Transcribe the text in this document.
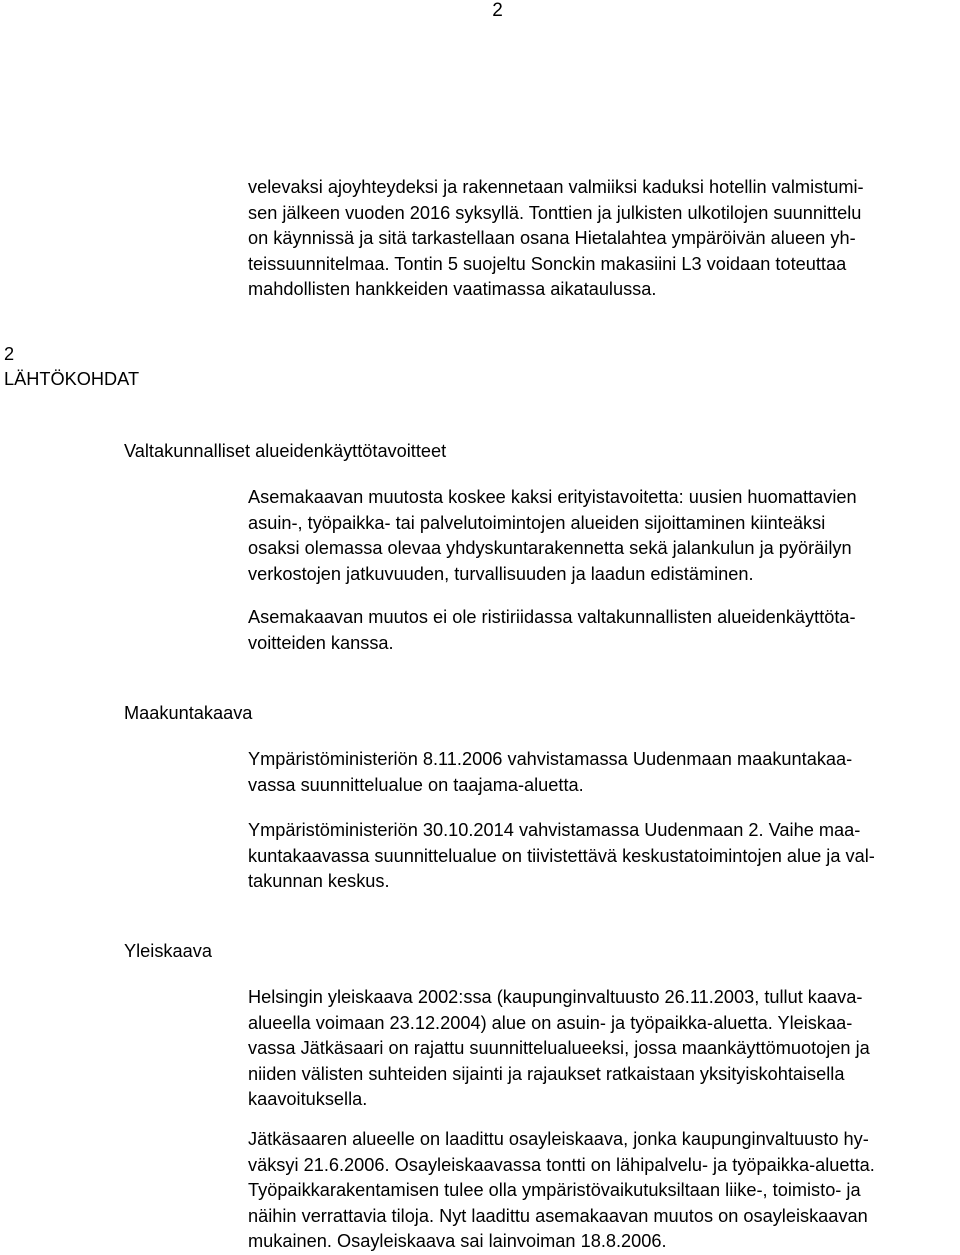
2

velevaksi ajoyhteydeksi ja rakennetaan valmiiksi kaduksi hotellin valmistumi-
sen jälkeen vuoden 2016 syksyllä. Tonttien ja julkisten ulkotilojen suunnittelu
on käynnissä ja sitä tarkastellaan osana Hietalahtea ympäröivän alueen yh-
teissuunnitelmaa. Tontin 5 suojeltu Sonckin makasiini L3 voidaan toteuttaa
mahdollisten hankkeiden vaatimassa aikataulussa.

2
LÄHTÖKOHDAT
Valtakunnalliset alueidenkäyttötavoitteet

Asemakaavan muutosta koskee kaksi erityistavoitetta: uusien huomattavien
asuin-, työpaikka- tai palvelutoimintojen alueiden sijoittaminen kiinteäksi
osaksi olemassa olevaa yhdyskuntarakennetta sekä jalankulun ja pyöräilyn
verkostojen jatkuvuuden, turvallisuuden ja laadun edistäminen.

Asemakaavan muutos ei ole ristiriidassa valtakunnallisten alueidenkäyttöta-
voitteiden kanssa.

Maakuntakaava

Ympäristöministeriön 8.11.2006 vahvistamassa Uudenmaan maakuntakaa-
vassa suunnittelualue on taajama-aluetta.

Ympäristöministeriön 30.10.2014 vahvistamassa Uudenmaan 2. Vaihe maa-
kuntakaavassa suunnittelualue on tiivistettävä keskustatoimintojen alue ja val-
takunnan keskus.

Yleiskaava

Helsingin yleiskaava 2002:ssa (kaupunginvaltuusto 26.11.2003, tullut kaava-
alueella voimaan 23.12.2004) alue on asuin- ja työpaikka-aluetta. Yleiskaa-
vassa Jätkäsaari on rajattu suunnittelualueeksi, jossa maankäyttömuotojen ja
niiden välisten suhteiden sijainti ja rajaukset ratkaistaan yksityiskohtaisella
kaavoituksella.

Jätkäsaaren alueelle on laadittu osayleiskaava, jonka kaupunginvaltuusto hy-
väksyi 21.6.2006. Osayleiskaavassa tontti on lähipalvelu- ja työpaikka-aluetta.
Työpaikkarakentamisen tulee olla ympäristövaikutuksiltaan liike-, toimisto- ja
näihin verrattavia tiloja. Nyt laadittu asemakaavan muutos on osayleiskaavan
mukainen. Osayleiskaava sai lainvoiman 18.8.2006.
